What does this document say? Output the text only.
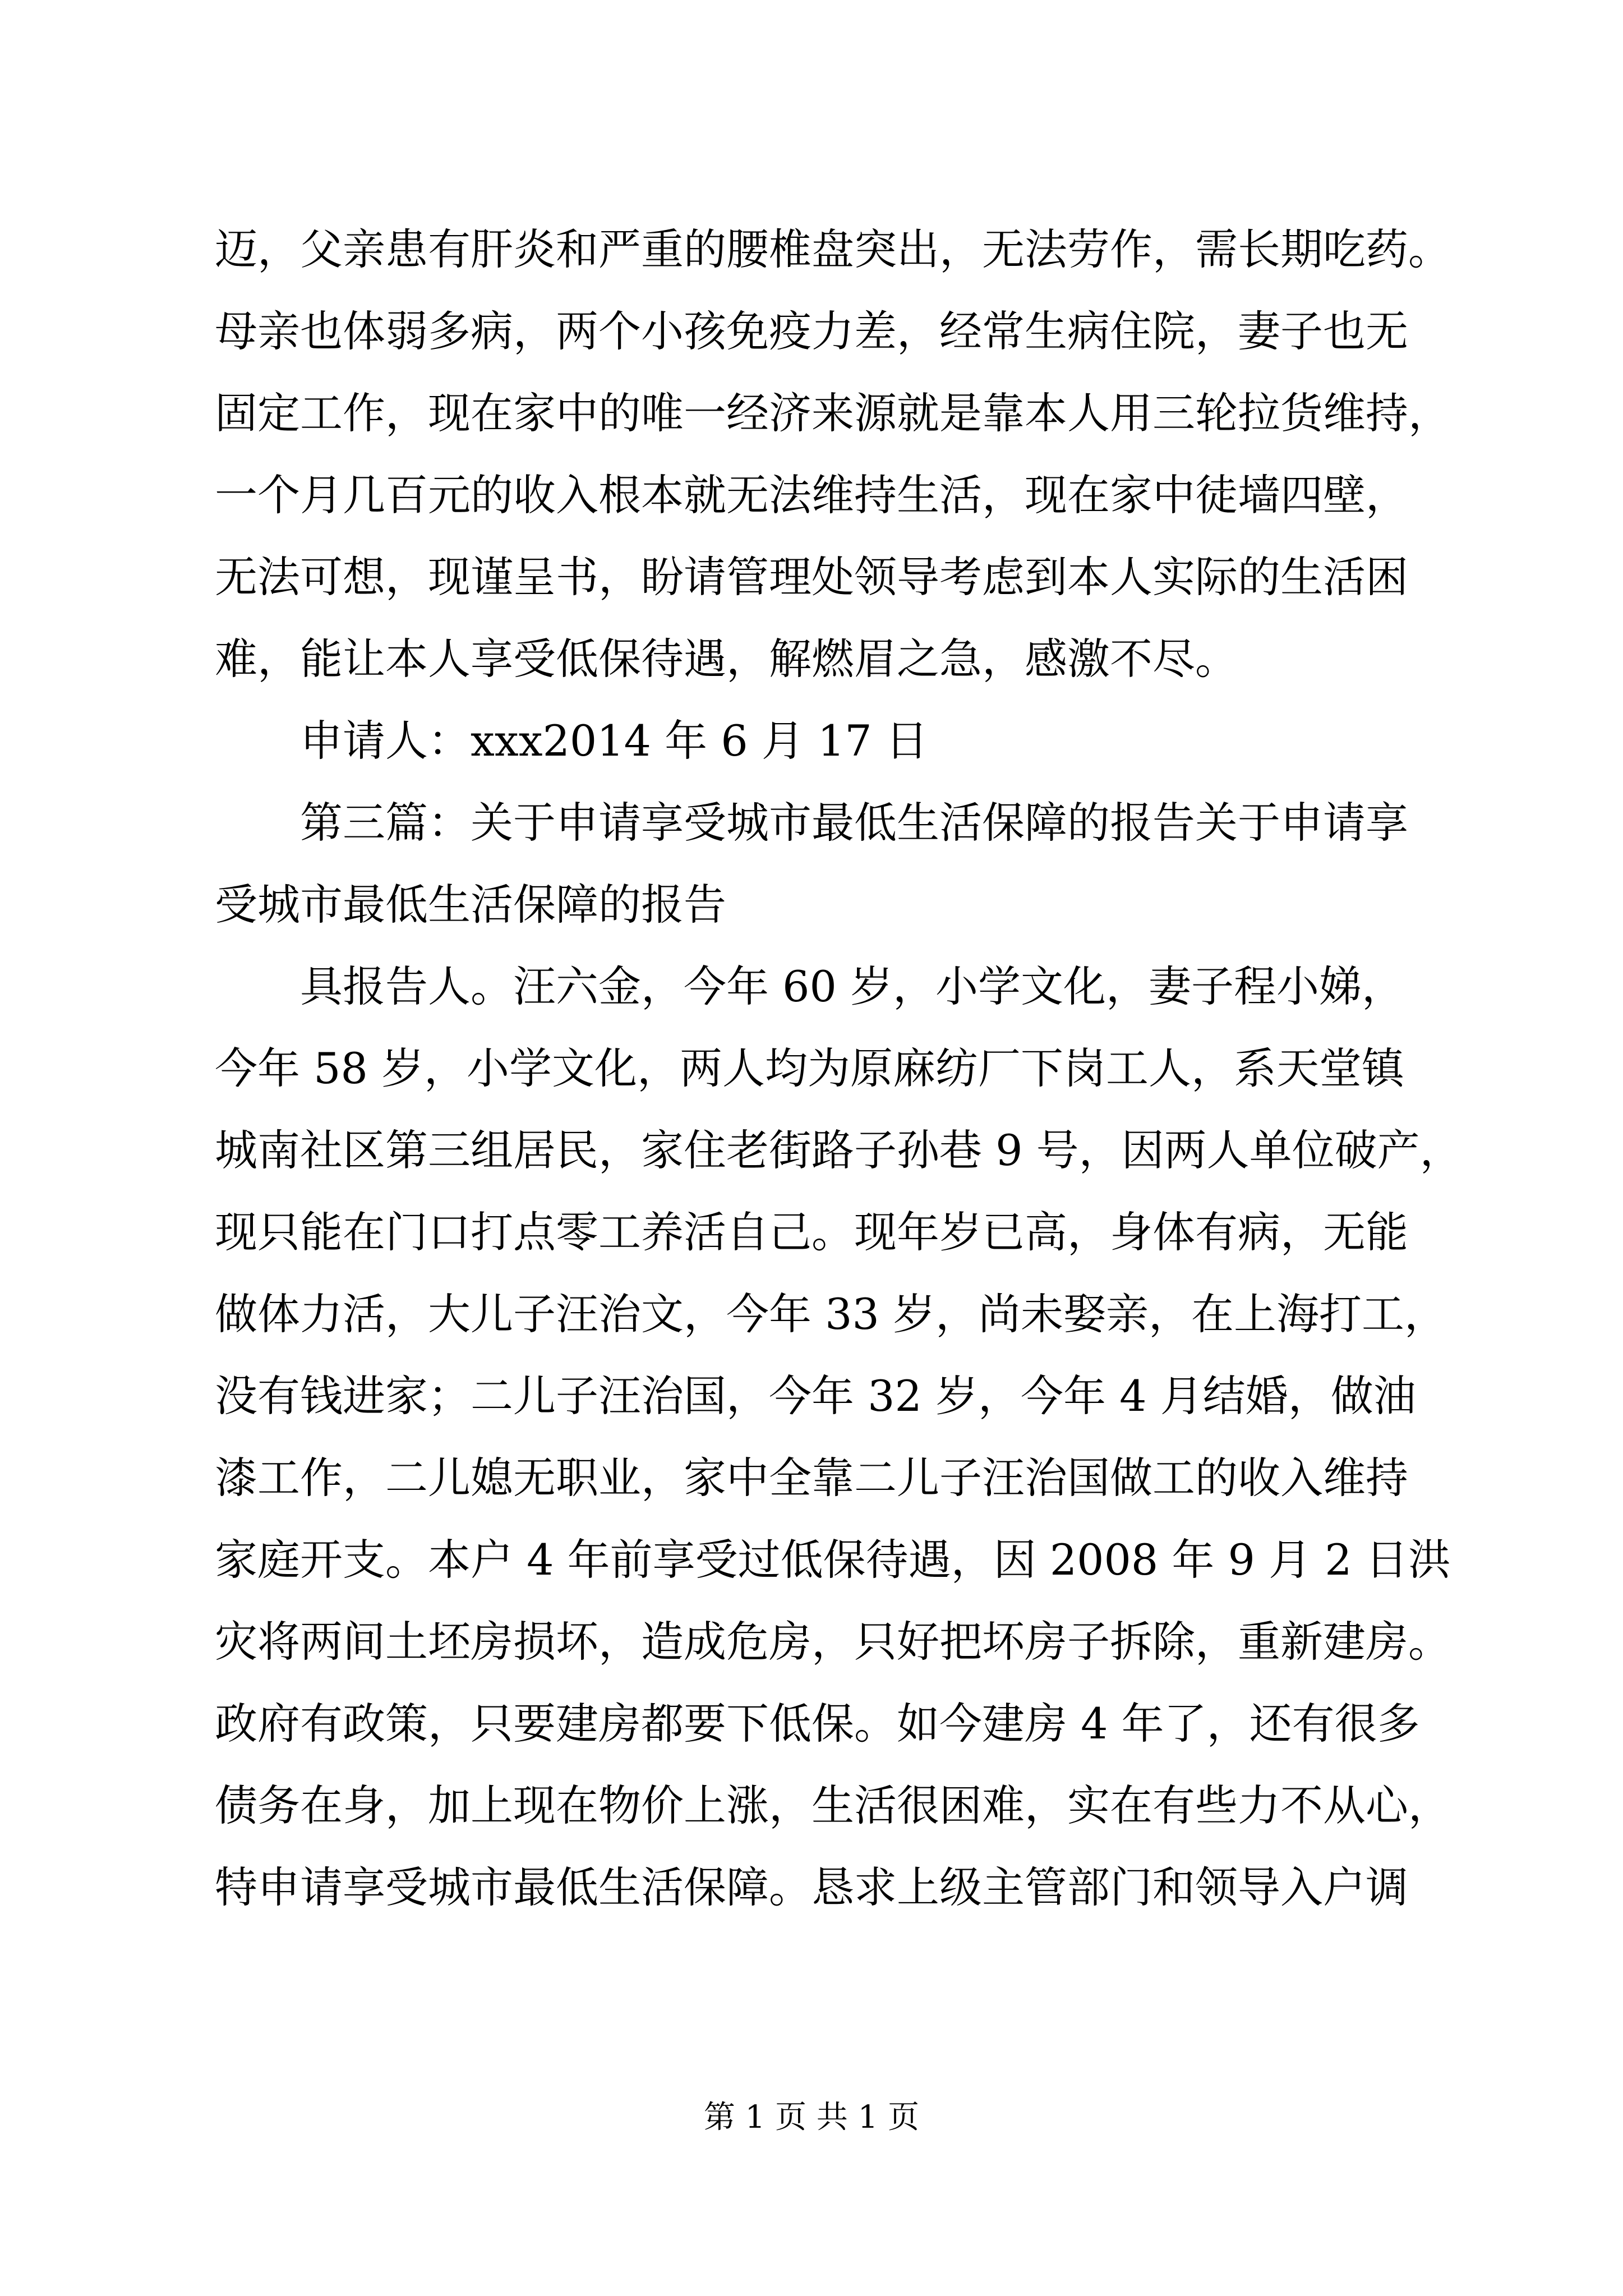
迈，父亲患有肝炎和严重的腰椎盘突出，无法劳作，需长期吃药。
母亲也体弱多病，两个小孩免疫力差，经常生病住院，妻子也无
固定工作，现在家中的唯一经济来源就是靠本人用三轮拉货维持，
一个月几百元的收入根本就无法维持生活，现在家中徒墙四壁，
无法可想，现谨呈书，盼请管理处领导考虑到本人实际的生活困
难，能让本人享受低保待遇，解燃眉之急，感激不尽。
申请人：xxx2014 年 6 月 17 日
第三篇：关于申请享受城市最低生活保障的报告关于申请享
受城市最低生活保障的报告
具报告人。汪六金，今年 60 岁，小学文化，妻子程小娣，
今年 58 岁，小学文化，两人均为原麻纺厂下岗工人，系天堂镇
城南社区第三组居民，家住老街路子孙巷 9 号，因两人单位破产，
现只能在门口打点零工养活自己。现年岁已高，身体有病，无能
做体力活，大儿子汪治文，今年 33 岁，尚未娶亲，在上海打工，
没有钱进家；二儿子汪治国，今年 32 岁，今年 4 月结婚，做油
漆工作，二儿媳无职业，家中全靠二儿子汪治国做工的收入维持
家庭开支。本户 4 年前享受过低保待遇，因 2008 年 9 月 2 日洪
灾将两间土坯房损坏，造成危房，只好把坏房子拆除，重新建房。
政府有政策，只要建房都要下低保。如今建房 4 年了，还有很多
债务在身，加上现在物价上涨，生活很困难，实在有些力不从心，
特申请享受城市最低生活保障。恳求上级主管部门和领导入户调
第 1 页 共 1 页
